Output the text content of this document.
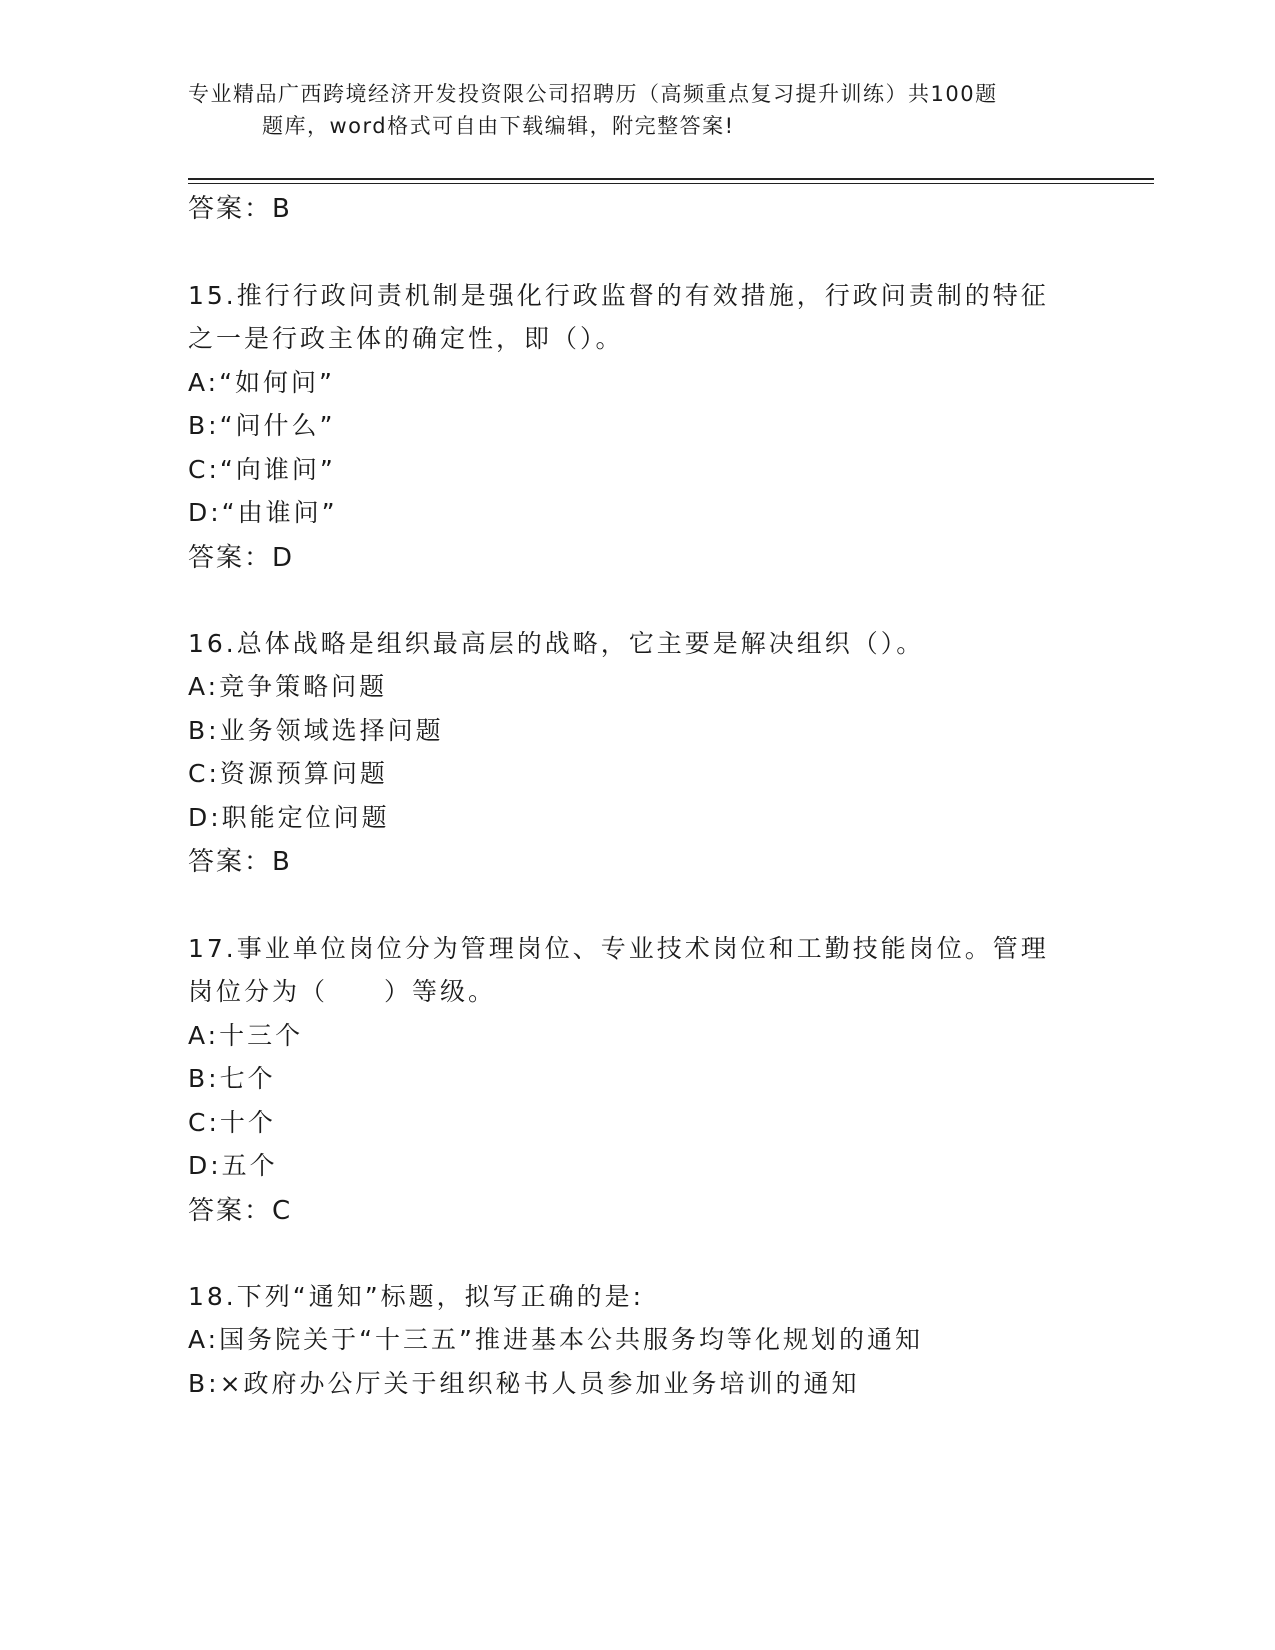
专业精品广西跨境经济开发投资限公司招聘历（高频重点复习提升训练）共100题
题库，word格式可自由下载编辑，附完整答案!
答案：B
15.推行行政问责机制是强化行政监督的有效措施，行政问责制的特征
之一是行政主体的确定性，即（）。
A:“如何问”
B:“问什么”
C:“向谁问”
D:“由谁问”
答案：D
16.总体战略是组织最高层的战略，它主要是解决组织（）。
A:竞争策略问题
B:业务领域选择问题
C:资源预算问题
D:职能定位问题
答案：B
17.事业单位岗位分为管理岗位、专业技术岗位和工勤技能岗位。管理
岗位分为（　　）等级。
A:十三个
B:七个
C:十个
D:五个
答案：C
18.下列“通知”标题，拟写正确的是:
A:国务院关于“十三五”推进基本公共服务均等化规划的通知
B:×政府办公厅关于组织秘书人员参加业务培训的通知
